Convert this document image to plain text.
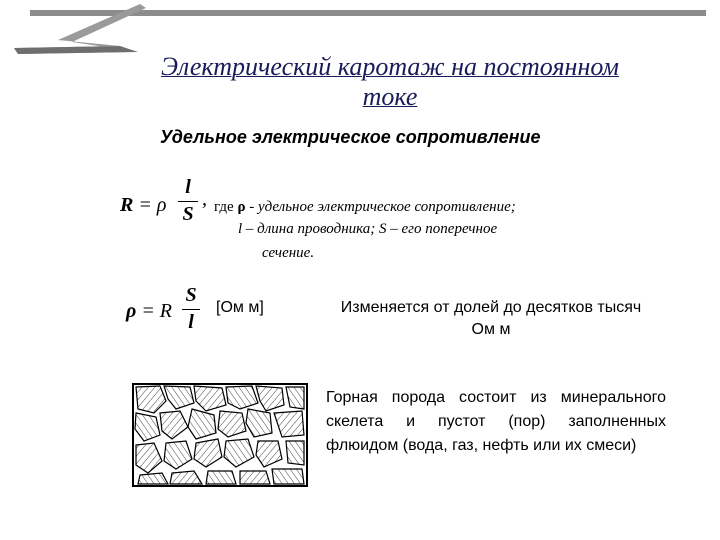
Электрический каротаж на постоянном
токе
Удельное электрическое сопротивление
R = ρ
l
S
, где ρ - удельное электрическое сопротивление;
l – длина проводника; S – его поперечное
сечение.
ρ = R
S
l
[Ом м]	Изменяется от долей до десятков тысяч
Ом м
Горная порода состоит из минерального скелета и пустот (пор) заполненных флюидом (вода, газ, нефть или их смеси)
